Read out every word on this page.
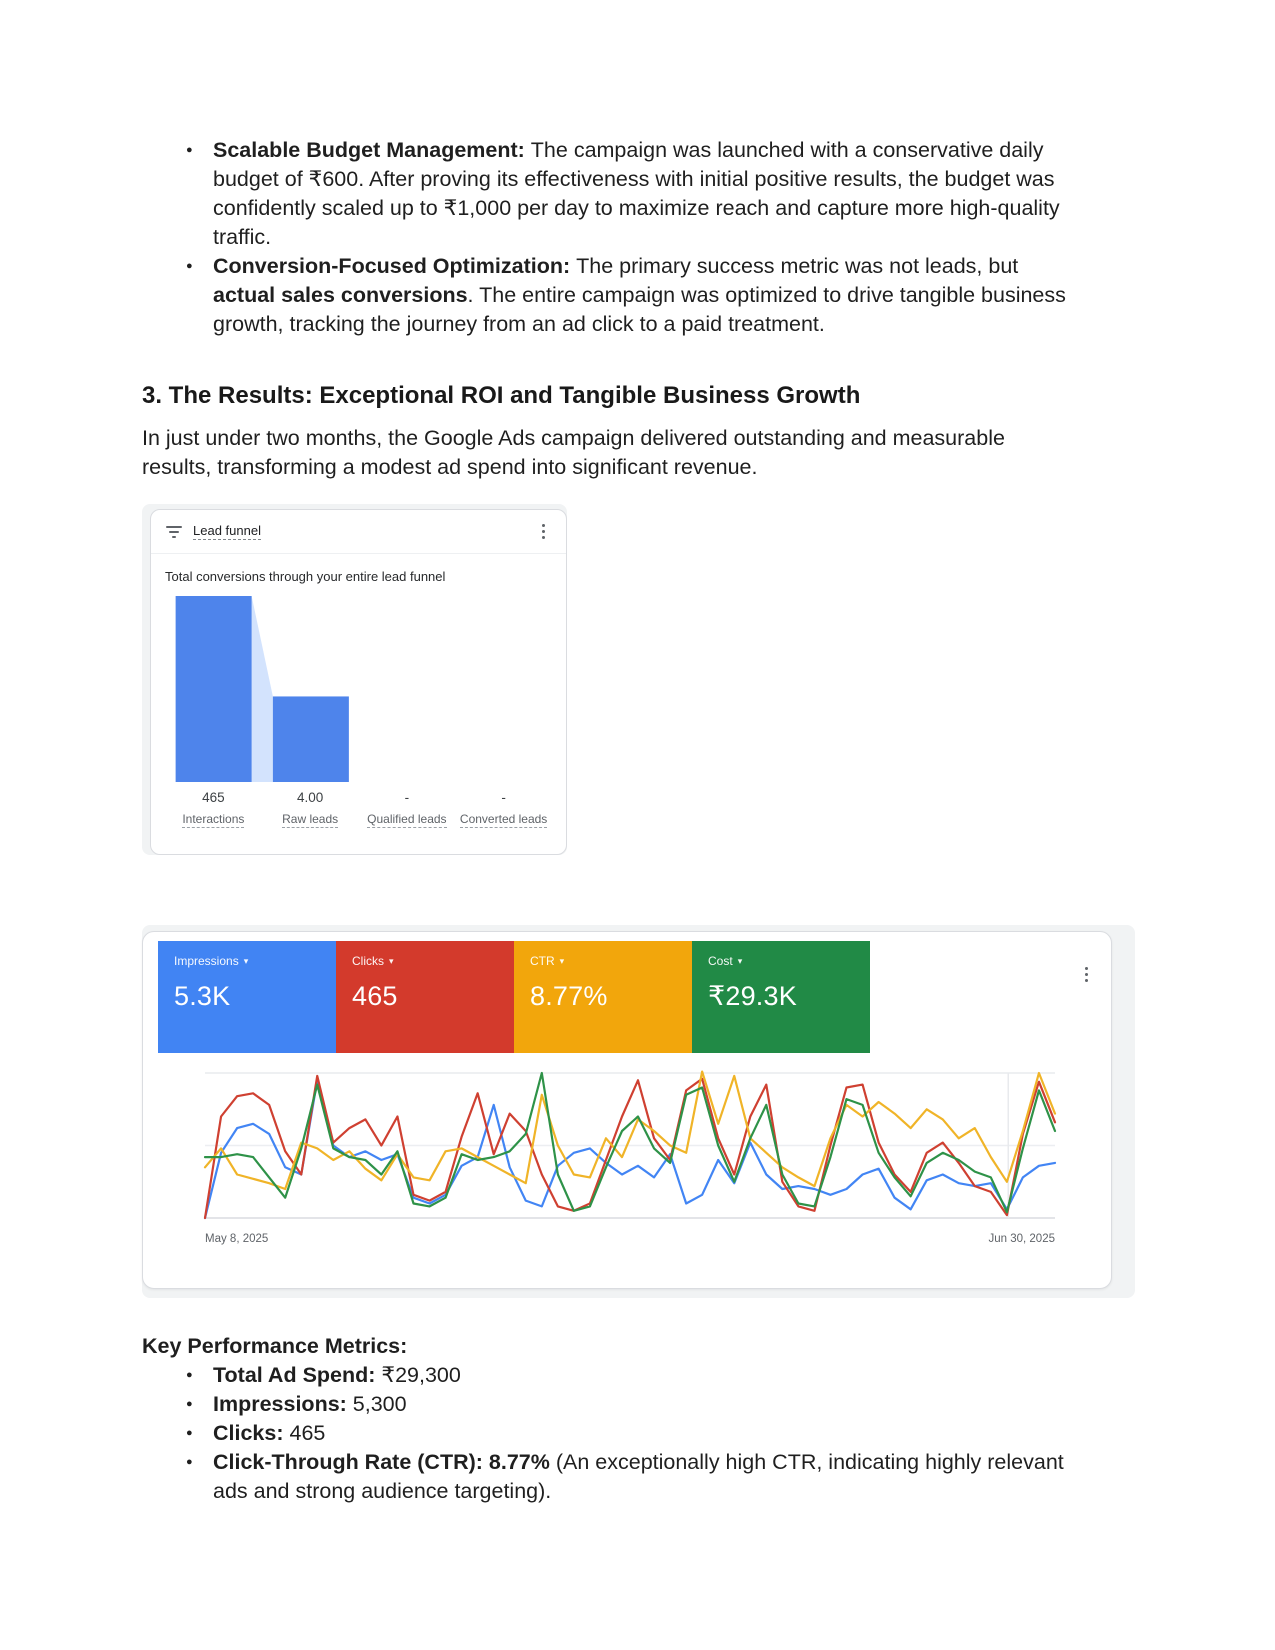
● Scalable Budget Management: The campaign was launched with a conservative daily budget of ₹600. After proving its effectiveness with initial positive results, the budget was confidently scaled up to ₹1,000 per day to maximize reach and capture more high-quality traffic.
● Conversion-Focused Optimization: The primary success metric was not leads, but actual sales conversions. The entire campaign was optimized to drive tangible business growth, tracking the journey from an ad click to a paid treatment.
3. The Results: Exceptional ROI and Tangible Business Growth

In just under two months, the Google Ads campaign delivered outstanding and measurable results, transforming a modest ad spend into significant revenue.

Lead funnel
Total conversions through your entire lead funnel
465
Interactions
4.00
Raw leads
-
Qualified leads
-
Converted leads
Impressions ▾
5.3K
Clicks ▾
465
CTR ▾
8.77%
Cost ▾
₹29.3K
May 8, 2025	Jun 30, 2025
Key Performance Metrics:
● Total Ad Spend: ₹29,300
● Impressions: 5,300
● Clicks: 465
● Click-Through Rate (CTR): 8.77% (An exceptionally high CTR, indicating highly relevant ads and strong audience targeting).
